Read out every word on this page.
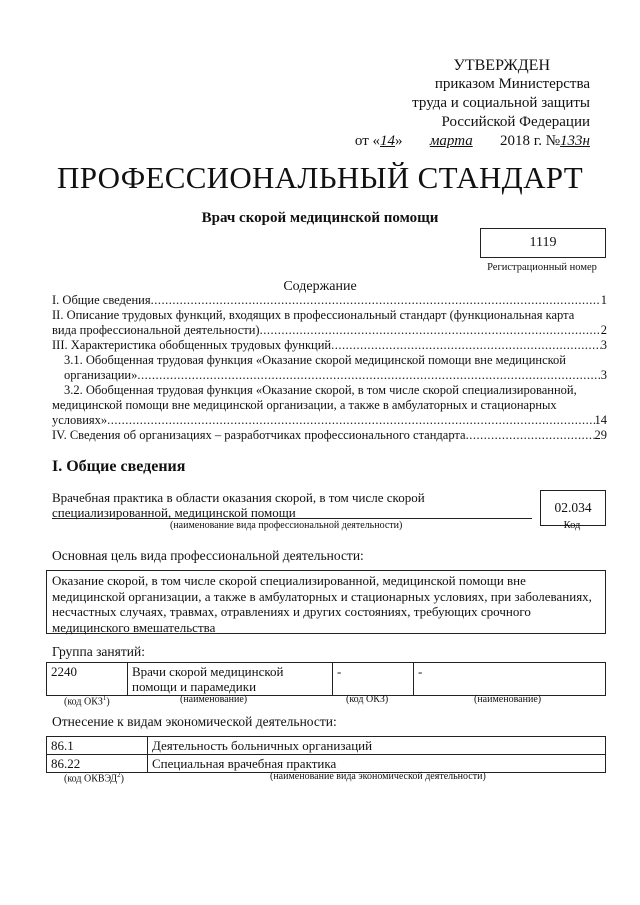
УТВЕРЖДЕН
приказом Министерства
труда и социальной защиты
Российской Федерации
от «14» марта 2018 г. №133н
ПРОФЕССИОНАЛЬНЫЙ СТАНДАРТ
Врач скорой медицинской помощи
1119
Регистрационный номер
Содержание
I. Общие сведения .....	1
II. Описание трудовых функций, входящих в профессиональный стандарт (функциональная карта
вида профессиональной деятельности) .....	2
III. Характеристика обобщенных трудовых функций .....	3
3.1. Обобщенная трудовая функция «Оказание скорой медицинской помощи вне медицинской
организации» .....	3
3.2. Обобщенная трудовая функция «Оказание скорой, в том числе скорой специализированной,
медицинской помощи вне медицинской организации, а также в амбулаторных и стационарных
условиях» .....	14
IV. Сведения об организациях – разработчиках профессионального стандарта .....	29
I. Общие сведения
Врачебная практика в области оказания скорой, в том числе скорой
специализированной, медицинской помощи
(наименование вида профессиональной деятельности)
02.034
Код
Основная цель вида профессиональной деятельности:
Оказание скорой, в том числе скорой специализированной, медицинской помощи вне медицинской организации, а также в амбулаторных и стационарных условиях, при заболеваниях, несчастных случаях, травмах, отравлениях и других состояниях, требующих срочного медицинского вмешательства
Группа занятий:
2240	Врачи скорой медицинской помощи и парамедики	-	-
(код ОКЗ$^1$)	(наименование)	(код ОКЗ)	(наименование)
Отнесение к видам экономической деятельности:
86.1	Деятельность больничных организаций
86.22	Специальная врачебная практика
(код ОКВЭД$^2$)	(наименование вида экономической деятельности)
